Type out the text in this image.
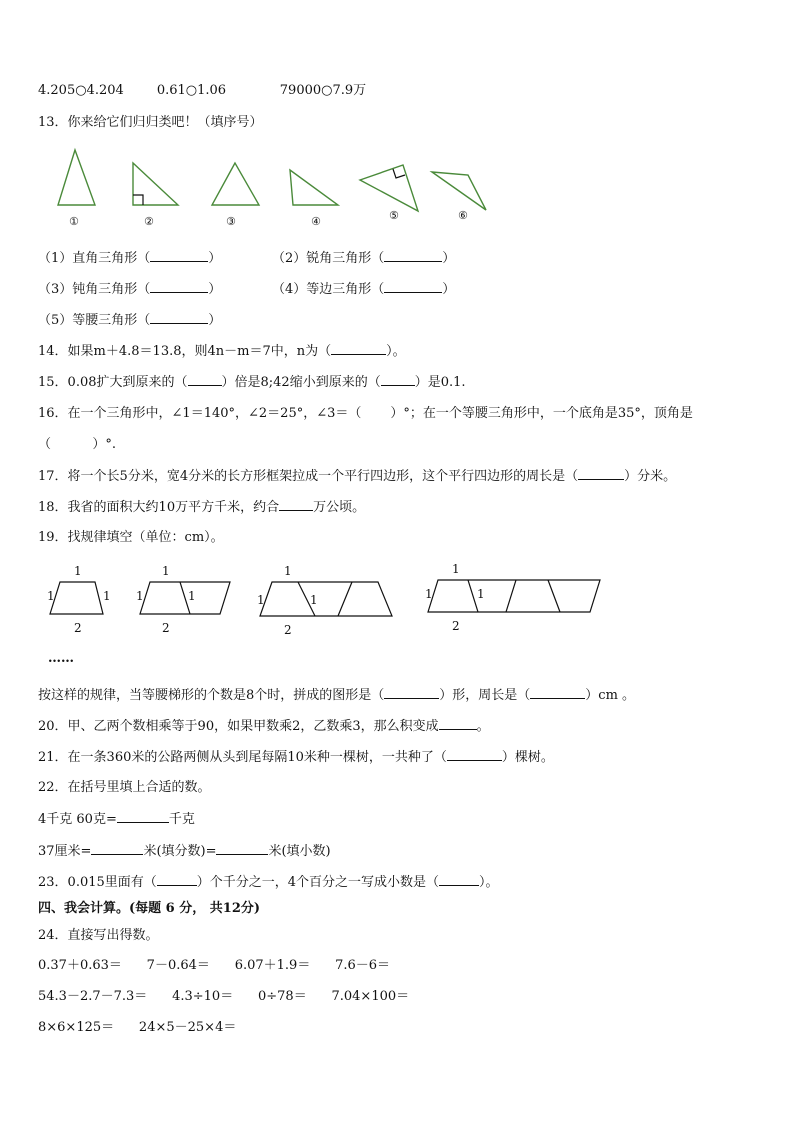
4.205○4.204        0.61○1.06             79000○7.9万
13．你来给它们归归类吧！（填序号）
①	②	③	④	⑤	⑥
（1）直角三角形（	）	（2）锐角三角形（	）
（3）钝角三角形（	）	（4）等边三角形（	）
（5）等腰三角形（	）
14．如果m＋4.8＝13.8，则4n－m＝7中，n为（	）。
15．0.08扩大到原来的（	）倍是8;42缩小到原来的（	）是0.1.
16．在一个三角形中，∠1＝140°，∠2＝25°，∠3＝（       ）°；在一个等腰三角形中，一个底角是35°，顶角是
（          ）°.
17．将一个长5分米，宽4分米的长方形框架拉成一个平行四边形，这个平行四边形的周长是（	）分米。
18．我省的面积大约10万平方千米，约合	万公顷。
19．找规律填空（单位：cm）。
1
1	1
2
1
1	1
2
1
1	1
2
1
1	1
2
……
按这样的规律，当等腰梯形的个数是8个时，拼成的图形是（	）形，周长是（	）cm 。
20．甲、乙两个数相乘等于90，如果甲数乘2，乙数乘3，那么积变成	。
21．在一条360米的公路两侧从头到尾每隔10米种一棵树，一共种了（	）棵树。
22．在括号里填上合适的数。
4千克 60克=	千克
37厘米=	米(填分数)=	米(填小数)
23．0.015里面有（	）个千分之一，4个百分之一写成小数是（	）。
四、我会计算。(每题 6 分， 共12分)
24．直接写出得数。
0.37＋0.63＝      7－0.64＝      6.07＋1.9＝      7.6－6＝
54.3－2.7－7.3＝      4.3÷10＝      0÷78＝      7.04×100＝
8×6×125＝      24×5－25×4＝
